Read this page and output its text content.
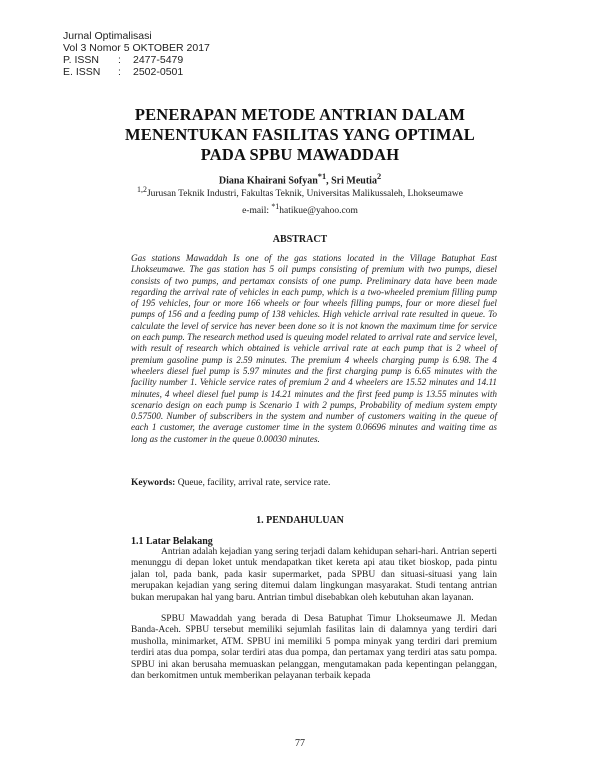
Jurnal Optimalisasi
Vol 3 Nomor 5 OKTOBER 2017
P. ISSN	:	2477-5479
E. ISSN	:	2502-0501
PENERAPAN METODE ANTRIAN DALAM
MENENTUKAN FASILITAS YANG OPTIMAL
PADA SPBU MAWADDAH
Diana Khairani Sofyan$^{*1}$, Sri Meutia$^2$
$^{1,2}$Jurusan Teknik Industri, Fakultas Teknik, Universitas Malikussaleh, Lhokseumawe
e-mail: $^{*1}$hatikue@yahoo.com
ABSTRACT
Gas stations Mawaddah Is one of the gas stations located in the Village Batuphat East Lhokseumawe. The gas station has 5 oil pumps consisting of premium with two pumps, diesel consists of two pumps, and pertamax consists of one pump. Preliminary data have been made regarding the arrival rate of vehicles in each pump, which is a two-wheeled premium filling pump of 195 vehicles, four or more 166 wheels or four wheels filling pumps, four or more diesel fuel pumps of 156 and a feeding pump of 138 vehicles. High vehicle arrival rate resulted in queue. To calculate the level of service has never been done so it is not known the maximum time for service on each pump. The research method used is queuing model related to arrival rate and service level, with result of research which obtained is vehicle arrival rate at each pump that is 2 wheel of premium gasoline pump is 2.59 minutes. The premium 4 wheels charging pump is 6.98. The 4 wheelers diesel fuel pump is 5.97 minutes and the first charging pump is 6.65 minutes with the facility number 1. Vehicle service rates of premium 2 and 4 wheelers are 15.52 minutes and 14.11 minutes, 4 wheel diesel fuel pump is 14.21 minutes and the first feed pump is 13.55 minutes with scenario design on each pump is Scenario 1 with 2 pumps, Probability of medium system empty 0.57500. Number of subscribers in the system and number of customers waiting in the queue of each 1 customer, the average customer time in the system 0.06696 minutes and waiting time as long as the customer in the queue 0.00030 minutes.
Keywords: Queue, facility, arrival rate, service rate.
1. PENDAHULUAN
1.1 Latar Belakang

Antrian adalah kejadian yang sering terjadi dalam kehidupan sehari-hari. Antrian seperti menunggu di depan loket untuk mendapatkan tiket kereta api atau tiket bioskop, pada pintu jalan tol, pada bank, pada kasir supermarket, pada SPBU dan situasi-situasi yang lain merupakan kejadian yang sering ditemui dalam lingkungan masyarakat. Studi tentang antrian bukan merupakan hal yang baru. Antrian timbul disebabkan oleh kebutuhan akan layanan.

SPBU Mawaddah yang berada di Desa Batuphat Timur Lhokseumawe Jl. Medan Banda-Aceh. SPBU tersebut memiliki sejumlah fasilitas lain di dalamnya yang terdiri dari musholla, minimarket, ATM. SPBU ini memiliki 5 pompa minyak yang terdiri dari premium terdiri atas dua pompa, solar terdiri atas dua pompa, dan pertamax yang terdiri atas satu pompa. SPBU ini akan berusaha memuaskan pelanggan, mengutamakan pada kepentingan pelanggan, dan berkomitmen untuk memberikan pelayanan terbaik kepada

77
